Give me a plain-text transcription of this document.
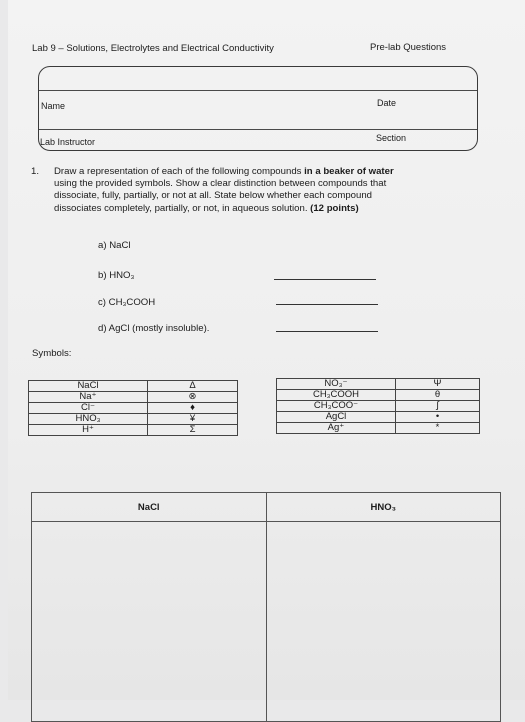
Lab 9 – Solutions, Electrolytes and Electrical Conductivity	Pre-lab Questions
Name	Date
Lab Instructor	Section
1. Draw a representation of each of the following compounds in a beaker of water
using the provided symbols. Show a clear distinction between compounds that
dissociate, fully, partially, or not at all. State below whether each compound
dissociates completely, partially, or not, in aqueous solution. (12 points)
a) NaCl
b) HNO₃
c) CH₃COOH
d) AgCl (mostly insoluble).
Symbols:
NaCl	Δ
Na⁺	⊗
Cl⁻	♦
HNO₃	¥
H⁺	Σ
NO₃⁻	Ψ
CH₃COOH	θ
CH₃COO⁻	∫
AgCl	•
Ag⁺	*
NaCl	HNO₃
